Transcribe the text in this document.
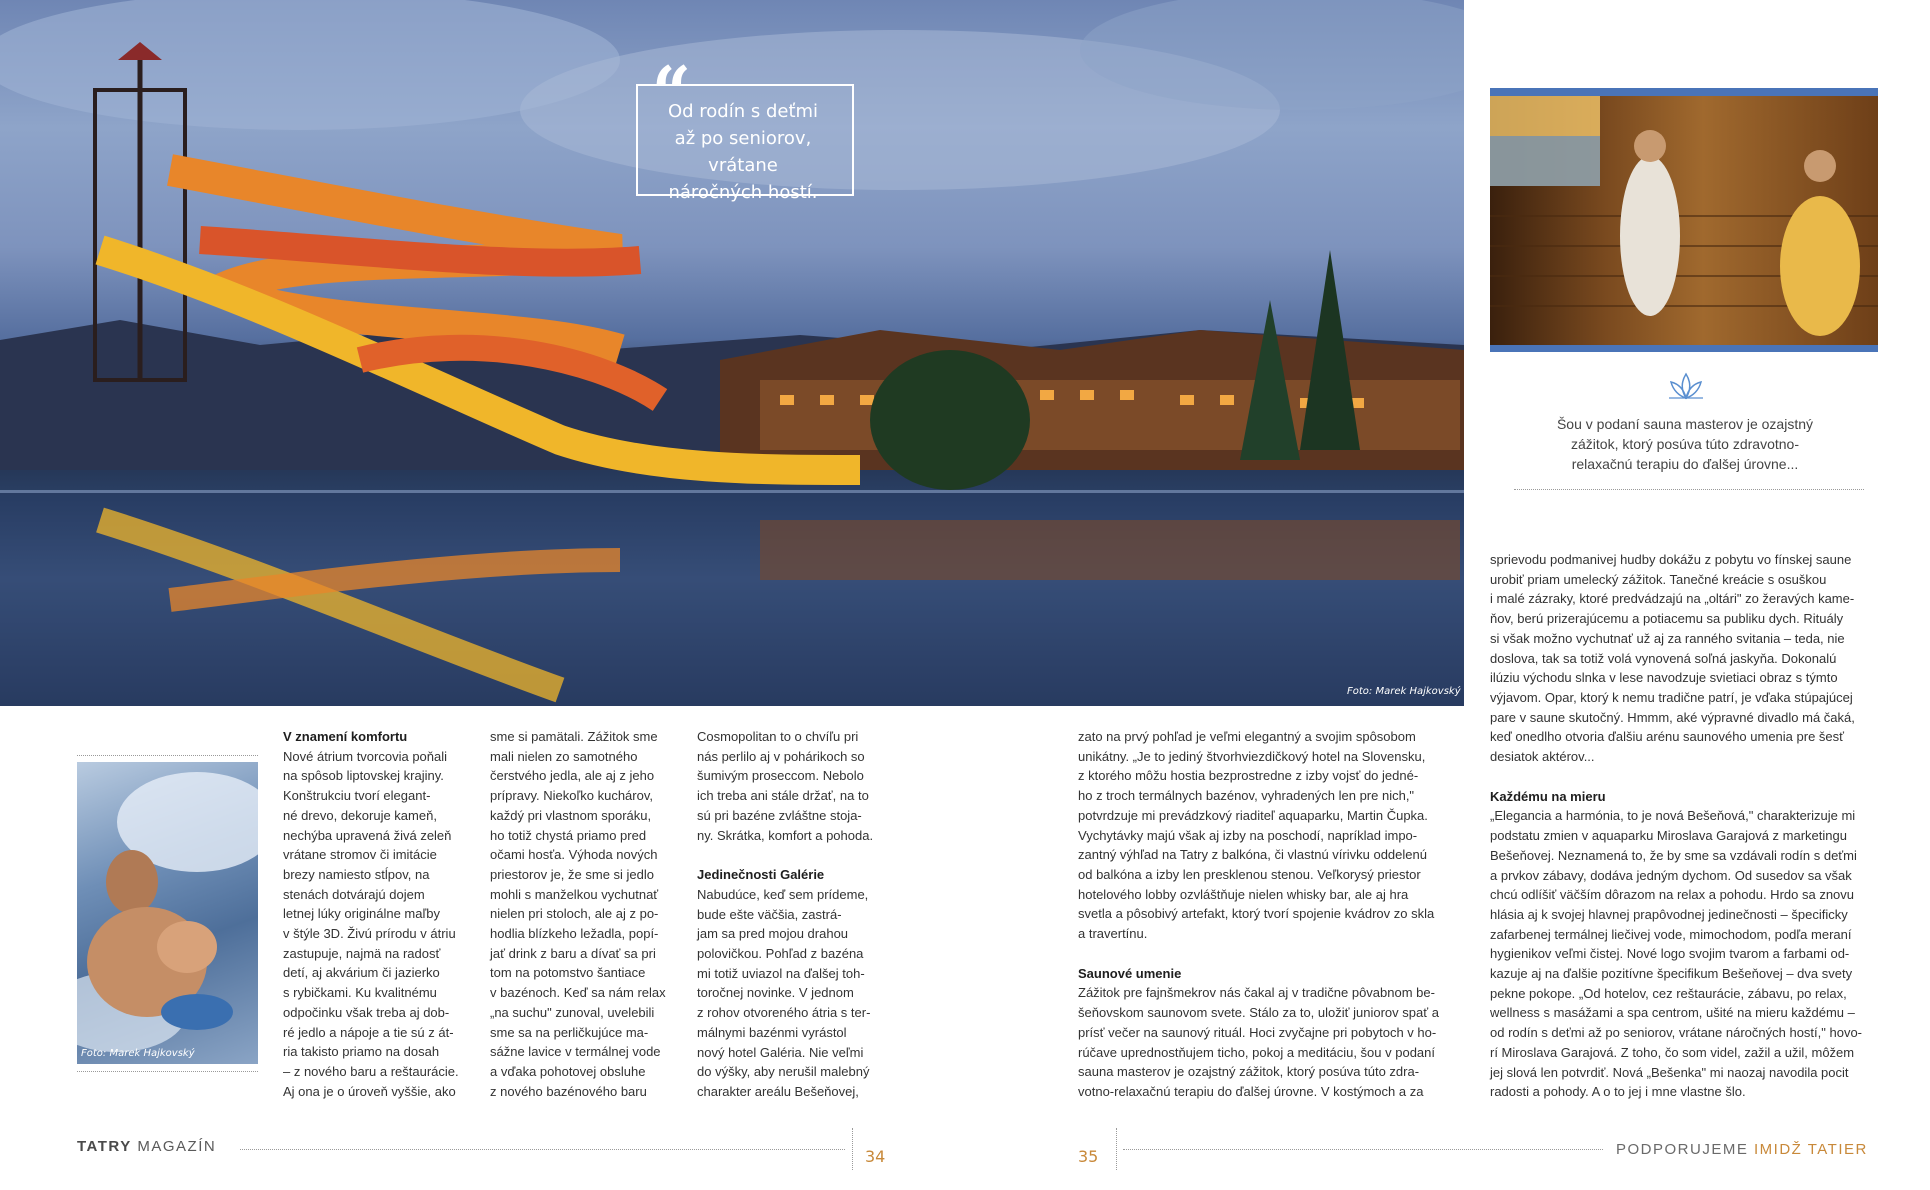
“
Od rodín s deťmi
až po seniorov, vrátane
náročných hostí.
Foto: Marek Hajkovský
Šou v podaní sauna masterov je ozajstný
zážitok, ktorý posúva túto zdravotno-
relaxačnú terapiu do ďalšej úrovne...
Foto: Marek Hajkovský

V znamení komfortu

Nové átrium tvorcovia poňali

na spôsob liptovskej krajiny.

Konštrukciu tvorí elegant-

né drevo, dekoruje kameň,

nechýba upravená živá zeleň

vrátane stromov či imitácie

brezy namiesto stĺpov, na

stenách dotvárajú dojem

letnej lúky originálne maľby

v štýle 3D. Živú prírodu v átriu

zastupuje, najmä na radosť

detí, aj akvárium či jazierko

s rybičkami. Ku kvalitnému

odpočinku však treba aj dob-

ré jedlo a nápoje a tie sú z át-

ria takisto priamo na dosah

– z nového baru a reštaurácie.

Aj ona je o úroveň vyššie, ako

sme si pamätali. Zážitok sme

mali nielen zo samotného

čerstvého jedla, ale aj z jeho

prípravy. Niekoľko kuchárov,

každý pri vlastnom sporáku,

ho totiž chystá priamo pred

očami hosťa. Výhoda nových

priestorov je, že sme si jedlo

mohli s manželkou vychutnať

nielen pri stoloch, ale aj z po-

hodlia blízkeho ležadla, popí-

jať drink z baru a dívať sa pri

tom na potomstvo šantiace

v bazénoch. Keď sa nám relax

„na suchu" zunoval, uvelebili

sme sa na perličkujúce ma-

sážne lavice v termálnej vode

a vďaka pohotovej obsluhe

z nového bazénového baru

Cosmopolitan to o chvíľu pri

nás perlilo aj v pohárikoch so

šumivým proseccom. Nebolo

ich treba ani stále držať, na to

sú pri bazéne zvláštne stoja-

ny. Skrátka, komfort a pohoda.

Jedinečnosti Galérie

Nabudúce, keď sem prídeme,

bude ešte väčšia, zastrá-

jam sa pred mojou drahou

polovičkou. Pohľad z bazéna

mi totiž uviazol na ďalšej toh-

toročnej novinke. V jednom

z rohov otvoreného átria s ter-

málnymi bazénmi vyrástol

nový hotel Galéria. Nie veľmi

do výšky, aby nerušil malebný

charakter areálu Bešeňovej,

zato na prvý pohľad je veľmi elegantný a svojim spôsobom

unikátny. „Je to jediný štvorhviezdičkový hotel na Slovensku,

z ktorého môžu hostia bezprostredne z izby vojsť do jedné-

ho z troch termálnych bazénov, vyhradených len pre nich,"

potvrdzuje mi prevádzkový riaditeľ aquaparku, Martin Čupka.

Vychytávky majú však aj izby na poschodí, napríklad impo-

zantný výhľad na Tatry z balkóna, či vlastnú vírivku oddelenú

od balkóna a izby len presklenou stenou. Veľkorysý priestor

hotelového lobby ozvláštňuje nielen whisky bar, ale aj hra

svetla a pôsobivý artefakt, ktorý tvorí spojenie kvádrov zo skla

a travertínu.

Saunové umenie

Zážitok pre fajnšmekrov nás čakal aj v tradične pôvabnom be-

šeňovskom saunovom svete. Stálo za to, uložiť juniorov spať a

prísť večer na saunový rituál. Hoci zvyčajne pri pobytoch v ho-

rúčave uprednostňujem ticho, pokoj a meditáciu, šou v podaní

sauna masterov je ozajstný zážitok, ktorý posúva túto zdra-

votno-relaxačnú terapiu do ďalšej úrovne. V kostýmoch a za

sprievodu podmanivej hudby dokážu z pobytu vo fínskej saune

urobiť priam umelecký zážitok. Tanečné kreácie s osuškou

i malé zázraky, ktoré predvádzajú na „oltári" zo žeravých kame-

ňov, berú prizerajúcemu a potiacemu sa publiku dych. Rituály

si však možno vychutnať už aj za ranného svitania – teda, nie

doslova, tak sa totiž volá vynovená soľná jaskyňa. Dokonalú

ilúziu východu slnka v lese navodzuje svietiaci obraz s týmto

výjavom. Opar, ktorý k nemu tradične patrí, je vďaka stúpajúcej

pare v saune skutočný. Hmmm, aké výpravné divadlo má čaká,

keď onedlho otvoria ďalšiu arénu saunového umenia pre šesť

desiatok aktérov...

Každému na mieru

„Elegancia a harmónia, to je nová Bešeňová," charakterizuje mi

podstatu zmien v aquaparku Miroslava Garajová z marketingu

Bešeňovej. Neznamená to, že by sme sa vzdávali rodín s deťmi

a prvkov zábavy, dodáva jedným dychom. Od susedov sa však

chcú odlíšiť väčším dôrazom na relax a pohodu. Hrdo sa znovu

hlásia aj k svojej hlavnej prapôvodnej jedinečnosti – špecificky

zafarbenej termálnej liečivej vode, mimochodom, podľa meraní

hygienikov veľmi čistej. Nové logo svojim tvarom a farbami od-

kazuje aj na ďalšie pozitívne špecifikum Bešeňovej – dva svety

pekne pokope. „Od hotelov, cez reštaurácie, zábavu, po relax,

wellness s masážami a spa centrom, ušité na mieru každému –

od rodín s deťmi až po seniorov, vrátane náročných hostí," hovo-

rí Miroslava Garajová. Z toho, čo som videl, zažil a užil, môžem

jej slová len potvrdiť. Nová „Bešenka" mi naozaj navodila pocit

radosti a pohody. A o to jej i mne vlastne šlo.

TATRY MAGAZÍN
34	35	PODPORUJEME IMIDŽ TATIER
